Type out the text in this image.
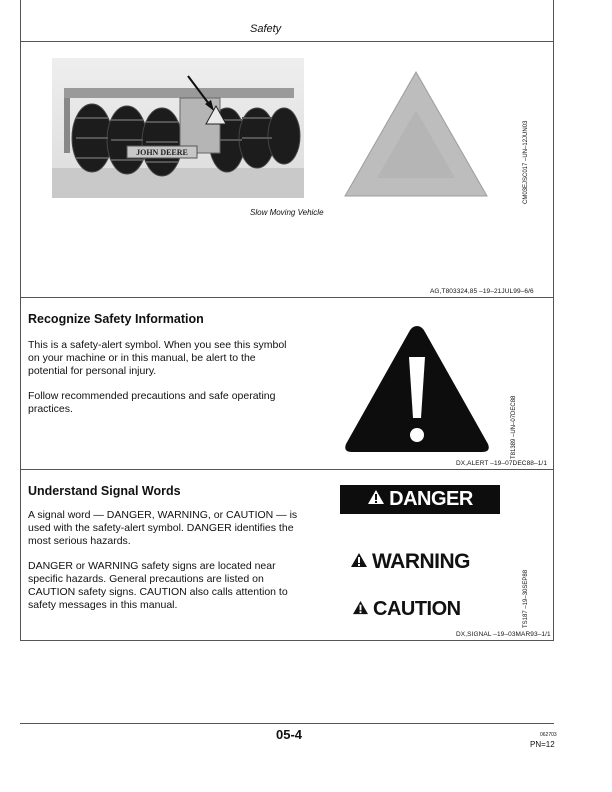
Safety
JOHN DEERE
Slow Moving Vehicle
CM03EJSC017 –UN–12JUN03
AG,T803324,85 –19–21JUL99–6/6
Recognize Safety Information

This is a safety-alert symbol. When you see this symbol on your machine or in this manual, be alert to the potential for personal injury.

Follow recommended precautions and safe operating practices.	T81389 –UN–07DEC88
DX,ALERT –19–07DEC88–1/1
Understand Signal Words

A signal word — DANGER, WARNING, or CAUTION — is used with the safety-alert symbol. DANGER identifies the most serious hazards.

DANGER or WARNING safety signs are located near specific hazards. General precautions are listed on CAUTION safety signs. CAUTION also calls attention to safety messages in this manual.

DANGER
WARNING
CAUTION	TS187 –19–30SEP88
DX,SIGNAL –19–03MAR93–1/1
05-4	062703
PN=12
